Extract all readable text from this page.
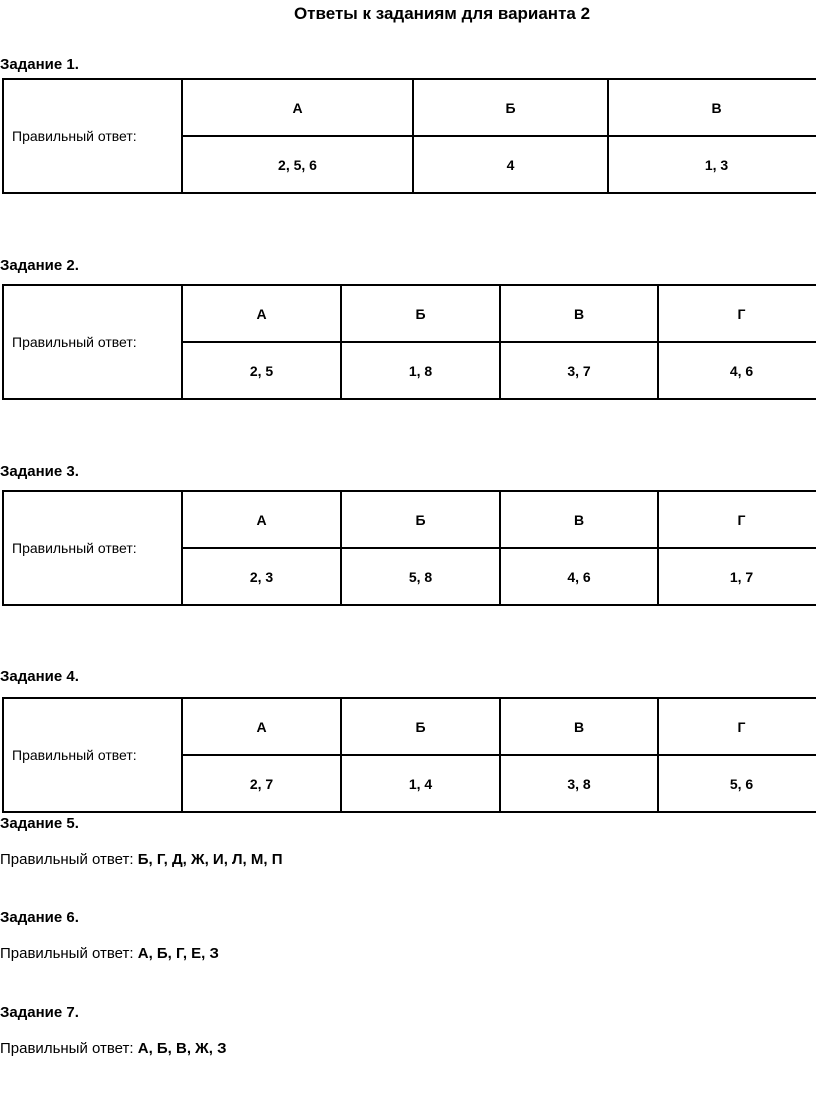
Ответы к заданиям для варианта 2
Задание 1.
Правильный ответ:	А	Б	В
	2, 5, 6	4	1, 3
Задание 2.
Правильный ответ:	А	Б	В	Г
	2, 5	1, 8	3, 7	4, 6
Задание 3.
Правильный ответ:	А	Б	В	Г
	2, 3	5, 8	4, 6	1, 7
Задание 4.
Правильный ответ:	А	Б	В	Г
	2, 7	1, 4	3, 8	5, 6
Задание 5.
Правильный ответ: Б, Г, Д, Ж, И, Л, М, П
Задание 6.
Правильный ответ: А, Б, Г, Е, З
Задание 7.
Правильный ответ: А, Б, В, Ж, З
